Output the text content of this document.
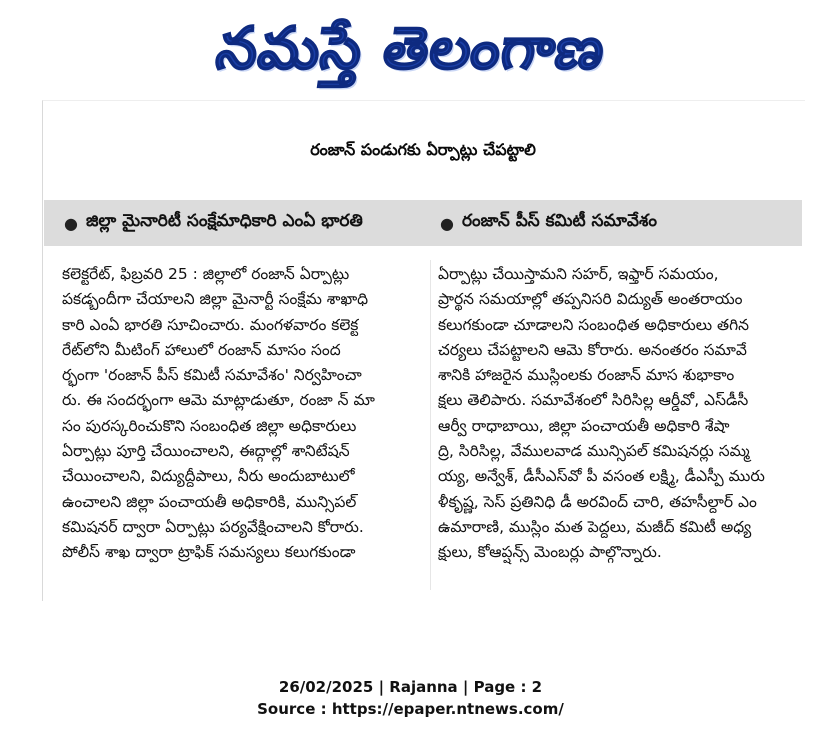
నమస్తే తెలంగాణ
రంజాన్ పండుగకు ఏర్పాట్లు చేపట్టాలి
● జిల్లా మైనారిటీ సంక్షేమాధికారి ఎంఏ భారతి	● రంజాన్ పీస్ కమిటీ సమావేశం

కలెక్టరేట్, ఫిబ్రవరి 25 : జిల్లాలో రంజాన్ ఏర్పాట్లు

పకడ్బందీగా చేయాలని జిల్లా మైనార్టీ సంక్షేమ శాఖాధి

కారి ఎంఏ భారతి సూచించారు. మంగళవారం కలెక్ట

రేట్‌లోని మీటింగ్ హాలులో రంజాన్ మాసం సంద

ర్భంగా 'రంజాన్ పీస్ కమిటీ సమావేశం' నిర్వహించా

రు. ఈ సందర్భంగా ఆమె మాట్లాడుతూ, రంజా న్ మా

సం పురస్కరించుకొని సంబంధిత జిల్లా అధికారులు

ఏర్పాట్లు పూర్తి చేయించాలని, ఈద్గాల్లో శానిటేషన్

చేయించాలని, విద్యుద్దీపాలు, నీరు అందుబాటులో

ఉంచాలని జిల్లా పంచాయతీ అధికారికి, మున్సిపల్

కమిషనర్ ద్వారా ఏర్పాట్లు పర్యవేక్షించాలని కోరారు.

పోలీస్ శాఖ ద్వారా ట్రాఫిక్ సమస్యలు కలుగకుండా

ఏర్పాట్లు చేయిస్తామని సహర్, ఇఫ్తార్ సమయం,

ప్రార్థన సమయాల్లో తప్పనిసరి విద్యుత్ అంతరాయం

కలుగకుండా చూడాలని సంబంధిత అధికారులు తగిన

చర్యలు చేపట్టాలని ఆమె కోరారు. అనంతరం సమావే

శానికి హాజరైన ముస్లింలకు రంజాన్ మాస శుభాకాం

క్షలు తెలిపారు. సమావేశంలో సిరిసిల్ల ఆర్డీవో, ఎస్‌డీసీ

ఆర్వీ రాధాబాయి, జిల్లా పంచాయతీ అధికారి శేషా

ద్రి, సిరిసిల్ల, వేములవాడ మున్సిపల్ కమిషనర్లు సమ్మ

య్య, అన్వేశ్, డీసీఎస్‌వో పీ వసంత లక్ష్మి, డీఎస్పీ మురు

ళీకృష్ణ, సెస్ ప్రతినిధి డీ అరవింద్ చారి, తహసీల్దార్ ఎం

ఉమారాణి, ముస్లిం మత పెద్దలు, మజీద్ కమిటీ అధ్య

క్షులు, కోఆప్షన్స్ మెంబర్లు పాల్గొన్నారు.

26/02/2025 | Rajanna | Page : 2
Source : https://epaper.ntnews.com/
